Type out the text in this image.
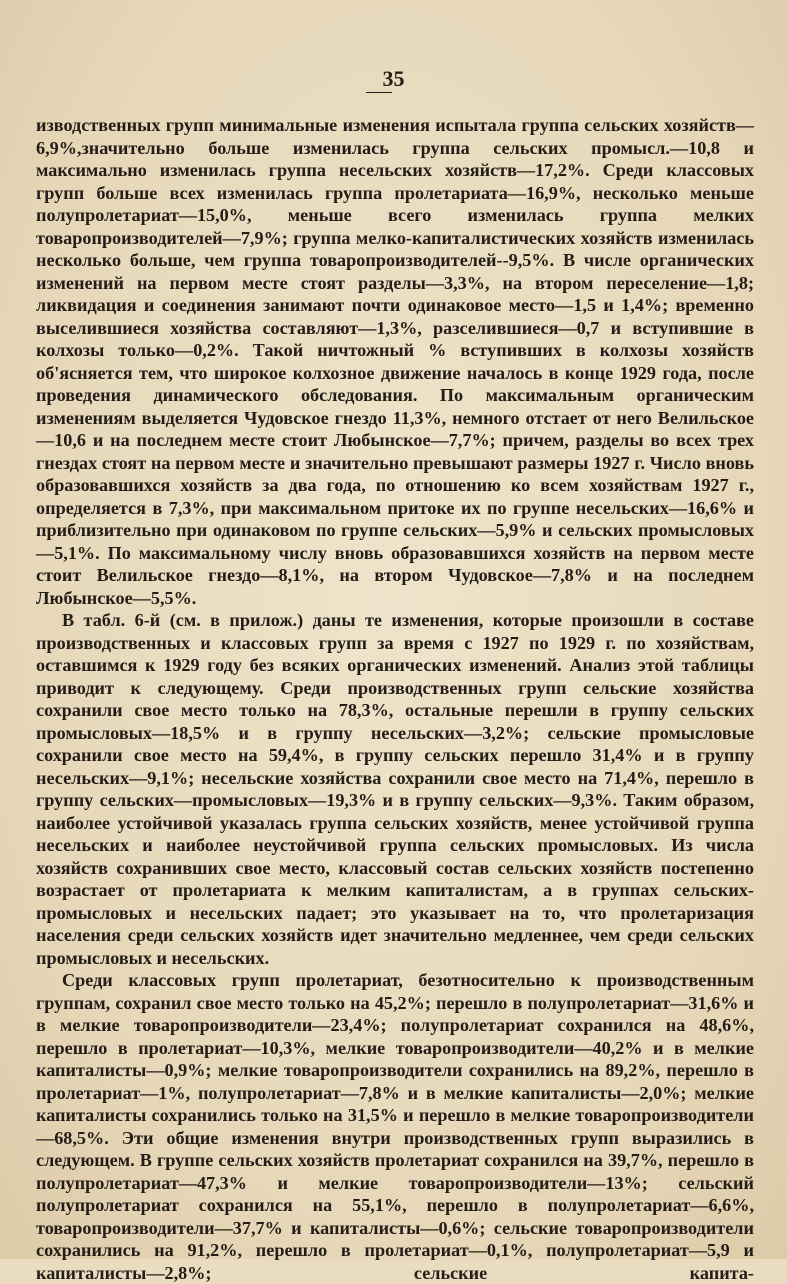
35

изводственных групп минимальные изменения испытала группа сельских хозяйств—6,9%,значительно больше изменилась группа сельских промысл.—10,8 и максимально изменилась группа несельских хозяйств—17,2%. Среди классовых групп больше всех изменилась группа пролетариата—16,9%, несколько меньше полупролетариат—15,0%, меньше всего изменилась группа мелких товаропроизводителей—7,9%; группа мелко-капиталистических хозяйств изменилась несколько больше, чем группа товаропроизводителей--9,5%. В числе органических изменений на первом месте стоят разделы—3,3%, на втором переселение—1,8; ликвидация и соединения занимают почти одинаковое место—1,5 и 1,4%; временно выселившиеся хозяйства составляют—1,3%, разселившиеся—0,7 и вступившие в колхозы только—0,2%. Такой ничтожный % вступивших в колхозы хозяйств об'ясняется тем, что широкое колхозное движение началось в конце 1929 года, после проведения динамического обследования. По максимальным органическим изменениям выделяется Чудовское гнездо 11,3%, немного отстает от него Велильское—10,6 и на последнем месте стоит Любынское—7,7%; причем, разделы во всех трех гнездах стоят на первом месте и значительно превышают размеры 1927 г. Число вновь образовавшихся хозяйств за два года, по отношению ко всем хозяйствам 1927 г., определяется в 7,3%, при максимальном притоке их по группе несельских—16,6% и приблизительно при одинаковом по группе сельских—5,9% и сельских промысловых—5,1%. По максимальному числу вновь образовавшихся хозяйств на первом месте стоит Велильское гнездо—8,1%, на втором Чудовское—7,8% и на последнем Любынское—5,5%.

В табл. 6-й (см. в прилож.) даны те изменения, которые произошли в составе производственных и классовых групп за время с 1927 по 1929 г. по хозяйствам, оставшимся к 1929 году без всяких органических изменений. Анализ этой таблицы приводит к следующему. Среди производственных групп сельские хозяйства сохранили свое место только на 78,3%, остальные перешли в группу сельских промысловых—18,5% и в группу несельских—3,2%; сельские промысловые сохранили свое место на 59,4%, в группу сельских перешло 31,4% и в группу несельских—9,1%; несельские хозяйства сохранили свое место на 71,4%, перешло в группу сельских—промысловых—19,3% и в группу сельских—9,3%. Таким образом, наиболее устойчивой указалась группа сельских хозяйств, менее устойчивой группа несельских и наиболее неустойчивой группа сельских промысловых. Из числа хозяйств сохранивших свое место, классовый состав сельских хозяйств постепенно возрастает от пролетариата к мелким капиталистам, а в группах сельских-промысловых и несельских падает; это указывает на то, что пролетаризация населения среди сельских хозяйств идет значительно медленнее, чем среди сельских промысловых и несельских.

Среди классовых групп пролетариат, безотносительно к производственным группам, сохранил свое место только на 45,2%; перешло в полупролетариат—31,6% и в мелкие товаропроизводители—23,4%; полупролетариат сохранился на 48,6%, перешло в пролетариат—10,3%, мелкие товаропроизводители—40,2% и в мелкие капиталисты—0,9%; мелкие товаропроизводители сохранились на 89,2%, перешло в пролетариат—1%, полупролетариат—7,8% и в мелкие капиталисты—2,0%; мелкие капиталисты сохранились только на 31,5% и перешло в мелкие товаропроизводители—68,5%. Эти общие изменения внутри производственных групп выразились в следующем. В группе сельских хозяйств пролетариат сохранился на 39,7%, перешло в полупролетариат—47,3% и мелкие товаропроизводители—13%; сельский полупролетариат сохранился на 55,1%, перешло в полупролетариат—6,6%, товаропроизводители—37,7% и капиталисты—0,6%; сельские товаропроизводители сохранились на 91,2%, перешло в пролетариат—0,1%, полупролетариат—5,9 и капиталисты—2,8%; сельские капита-
